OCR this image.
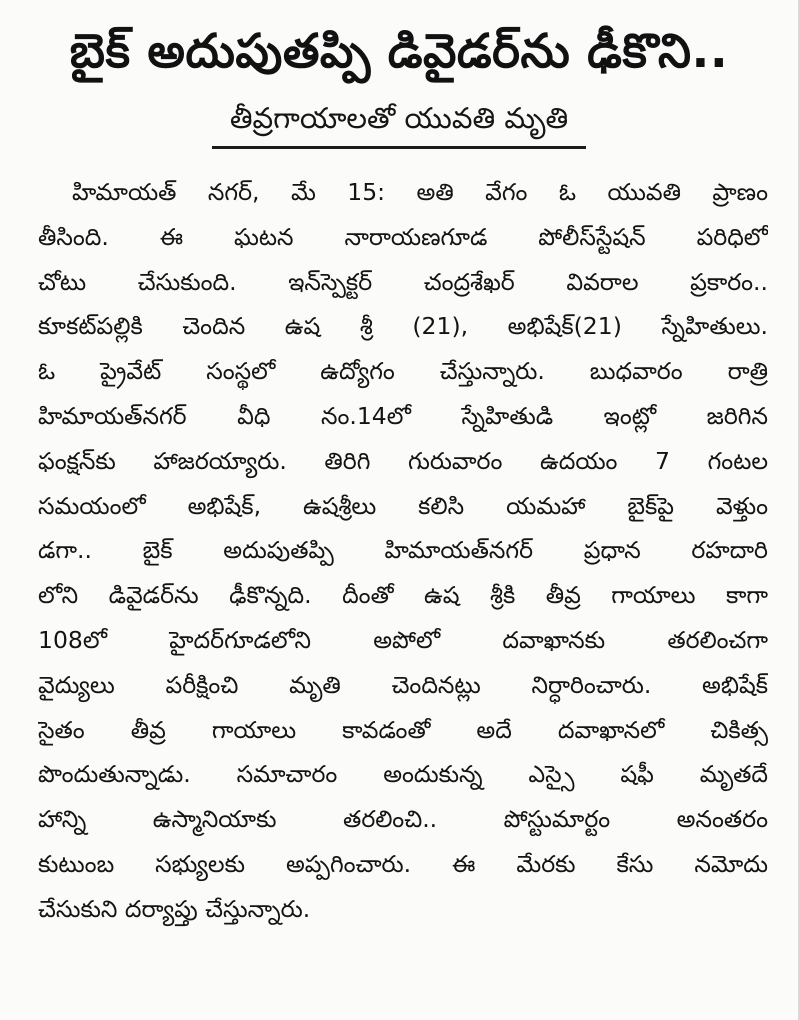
బైక్ అదుపుతప్పి డివైడర్‌ను ఢీకొని..
తీవ్రగాయాలతో యువతి మృతి
హిమాయత్ నగర్, మే 15: అతి వేగం ఓ యువతి ప్రాణం
తీసింది. ఈ ఘటన నారాయణగూడ పోలీస్‌స్టేషన్ పరిధిలో
చోటు చేసుకుంది. ఇన్‌స్పెక్టర్ చంద్రశేఖర్ వివరాల ప్రకారం..
కూకట్‌పల్లికి చెందిన ఉష శ్రీ (21), అభిషేక్(21) స్నేహితులు.
ఓ ప్రైవేట్ సంస్థలో ఉద్యోగం చేస్తున్నారు. బుధవారం రాత్రి
హిమాయత్‌నగర్ వీధి నం.14లో స్నేహితుడి ఇంట్లో జరిగిన
ఫంక్షన్‌కు హాజరయ్యారు. తిరిగి గురువారం ఉదయం 7 గంటల
సమయంలో అభిషేక్, ఉషశ్రీలు కలిసి యమహా బైక్‌పై వెళ్తుం
డగా.. బైక్ అదుపుతప్పి హిమాయత్‌నగర్ ప్రధాన రహదారి
లోని డివైడర్‌ను ఢీకొన్నది. దీంతో ఉష శ్రీకి తీవ్ర గాయాలు కాగా
108లో హైదర్‌గూడలోని అపోలో దవాఖానకు తరలించగా
వైద్యులు పరీక్షించి మృతి చెందినట్లు నిర్ధారించారు. అభిషేక్
సైతం తీవ్ర గాయాలు కావడంతో అదే దవాఖానలో చికిత్స
పొందుతున్నాడు. సమాచారం అందుకున్న ఎస్సై షఫీ మృతదే
హాన్ని ఉస్మానియాకు తరలించి.. పోస్టుమార్టం అనంతరం
కుటుంబ సభ్యులకు అప్పగించారు. ఈ మేరకు కేసు నమోదు
చేసుకుని దర్యాప్తు చేస్తున్నారు.
